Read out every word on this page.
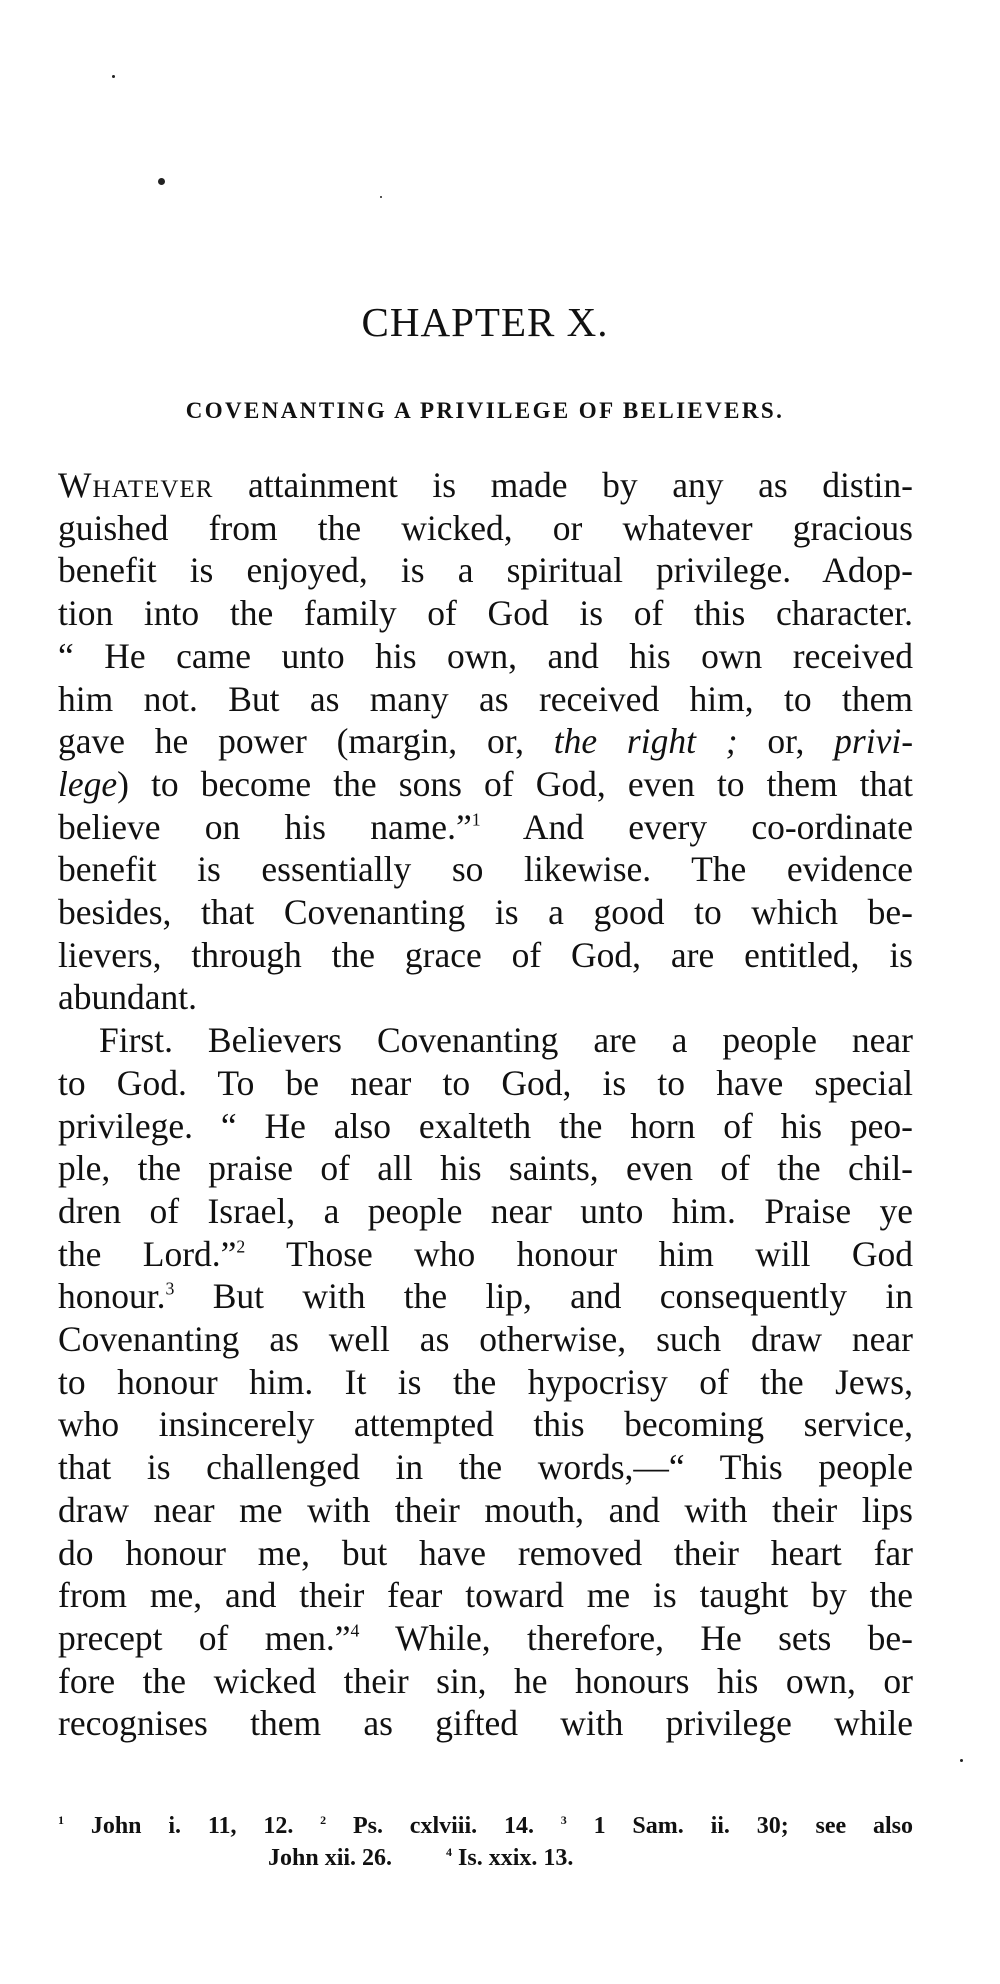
CHAPTER X.
COVENANTING A PRIVILEGE OF BELIEVERS.
Whatever attainment is made by any as distin-
guished from the wicked, or whatever gracious
benefit is enjoyed, is a spiritual privilege. Adop-
tion into the family of God is of this character.
“ He came unto his own, and his own received
him not. But as many as received him, to them
gave he power (margin, or, the right ; or, privi-
lege) to become the sons of God, even to them that
believe on his name.”$^1$ And every co-ordinate
benefit is essentially so likewise. The evidence
besides, that Covenanting is a good to which be-
lievers, through the grace of God, are entitled, is
abundant.
First. Believers Covenanting are a people near
to God. To be near to God, is to have special
privilege. “ He also exalteth the horn of his peo-
ple, the praise of all his saints, even of the chil-
dren of Israel, a people near unto him. Praise ye
the Lord.”$^2$ Those who honour him will God
honour.$^3$ But with the lip, and consequently in
Covenanting as well as otherwise, such draw near
to honour him. It is the hypocrisy of the Jews,
who insincerely attempted this becoming service,
that is challenged in the words,—“ This people
draw near me with their mouth, and with their lips
do honour me, but have removed their heart far
from me, and their fear toward me is taught by the
precept of men.”$^4$ While, therefore, He sets be-
fore the wicked their sin, he honours his own, or
recognises them as gifted with privilege while
$^1$ John i. 11, 12. $^2$ Ps. cxlviii. 14. $^3$ 1 Sam. ii. 30; see also
John xii. 26.	$^4$ Is. xxix. 13.
